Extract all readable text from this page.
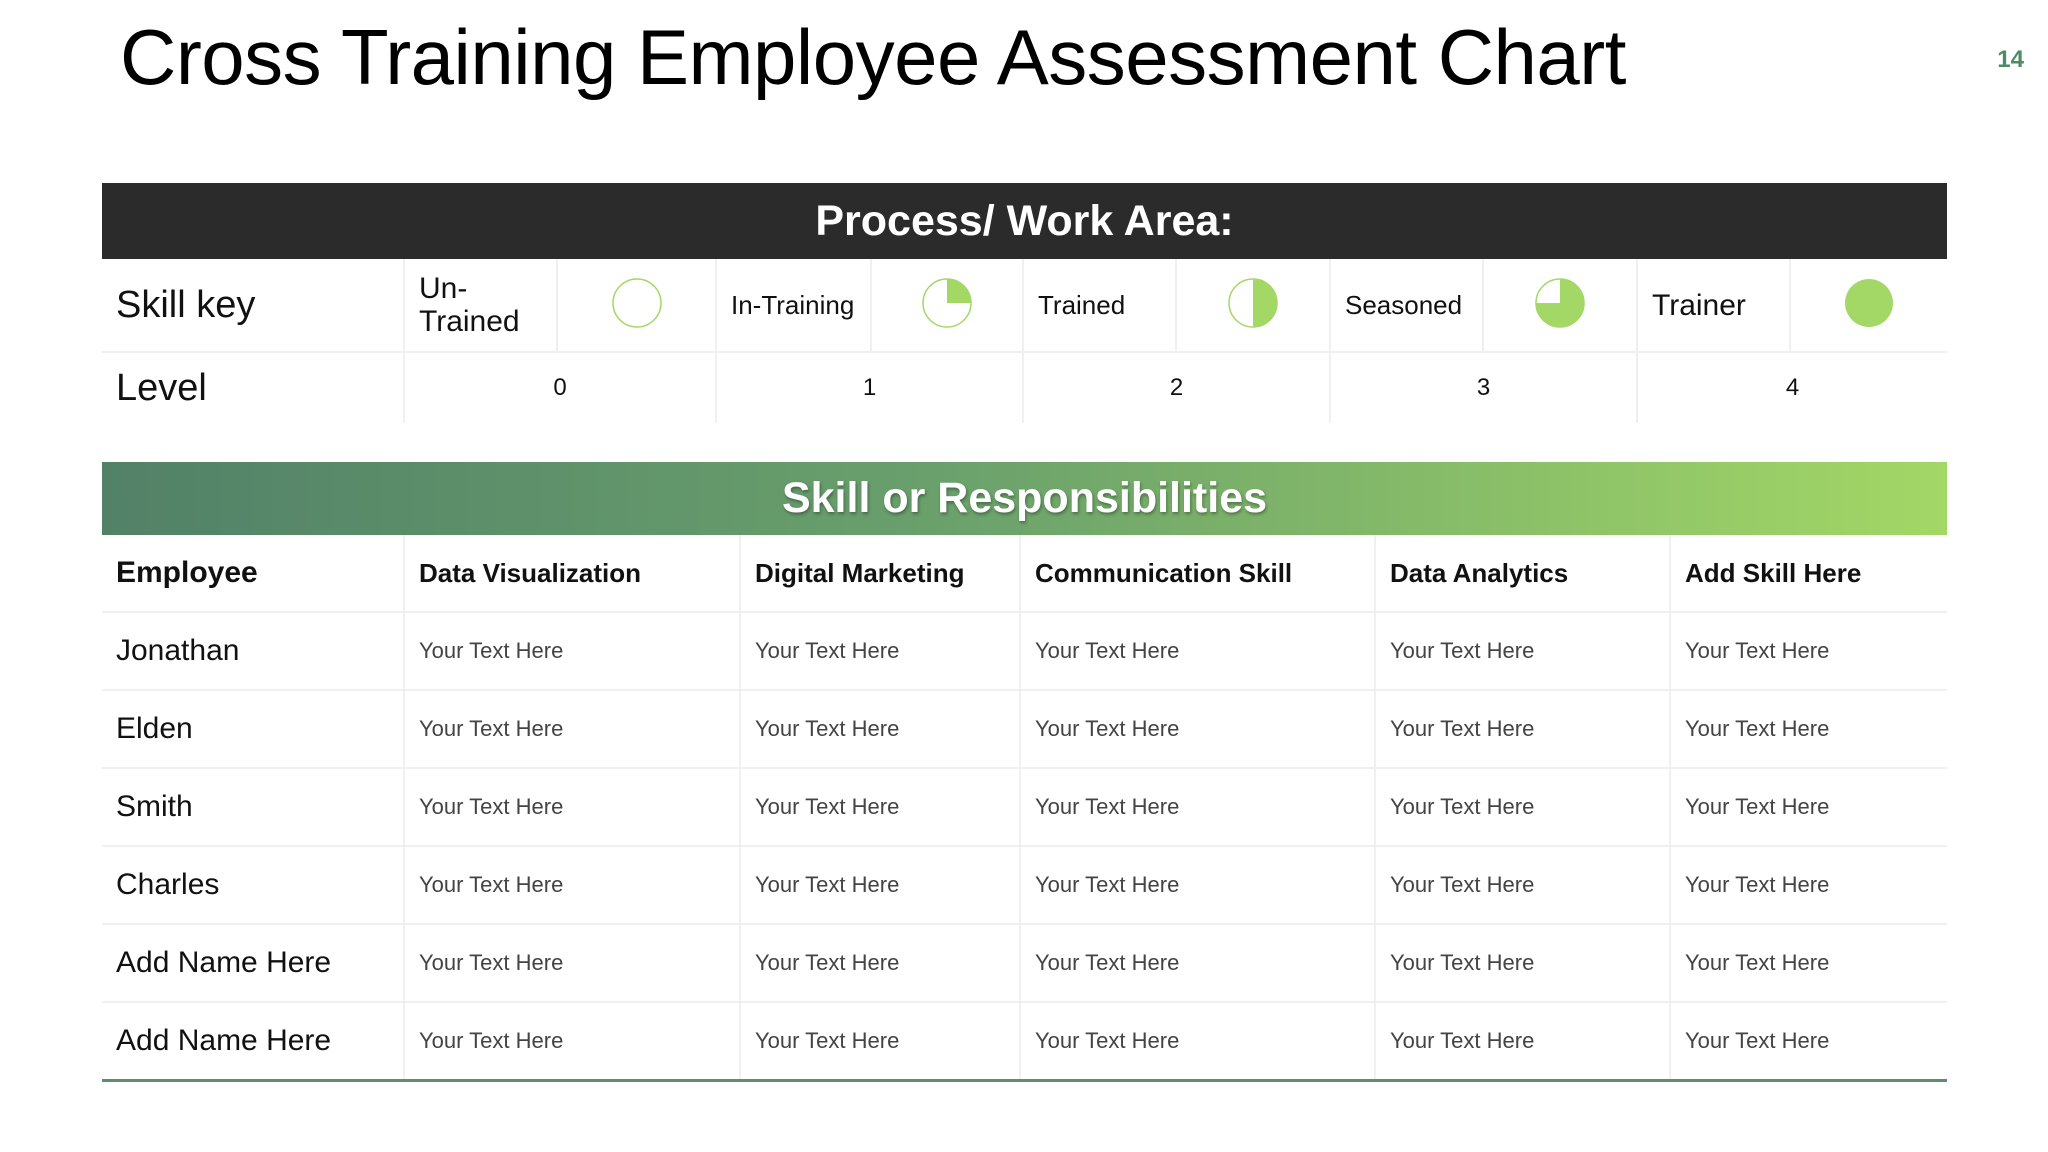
Cross Training Employee Assessment Chart	14
Process/ Work Area:
Skill key	Un-Trained		In-Training		Trained		Seasoned		Trainer	
Level	0		1		2		3		4	
Skill or Responsibilities
Employee	Data Visualization	Digital Marketing	Communication Skill	Data Analytics	Add Skill Here
Jonathan	Your Text Here	Your Text Here	Your Text Here	Your Text Here	Your Text Here
Elden	Your Text Here	Your Text Here	Your Text Here	Your Text Here	Your Text Here
Smith	Your Text Here	Your Text Here	Your Text Here	Your Text Here	Your Text Here
Charles	Your Text Here	Your Text Here	Your Text Here	Your Text Here	Your Text Here
Add Name Here	Your Text Here	Your Text Here	Your Text Here	Your Text Here	Your Text Here
Add Name Here	Your Text Here	Your Text Here	Your Text Here	Your Text Here	Your Text Here
